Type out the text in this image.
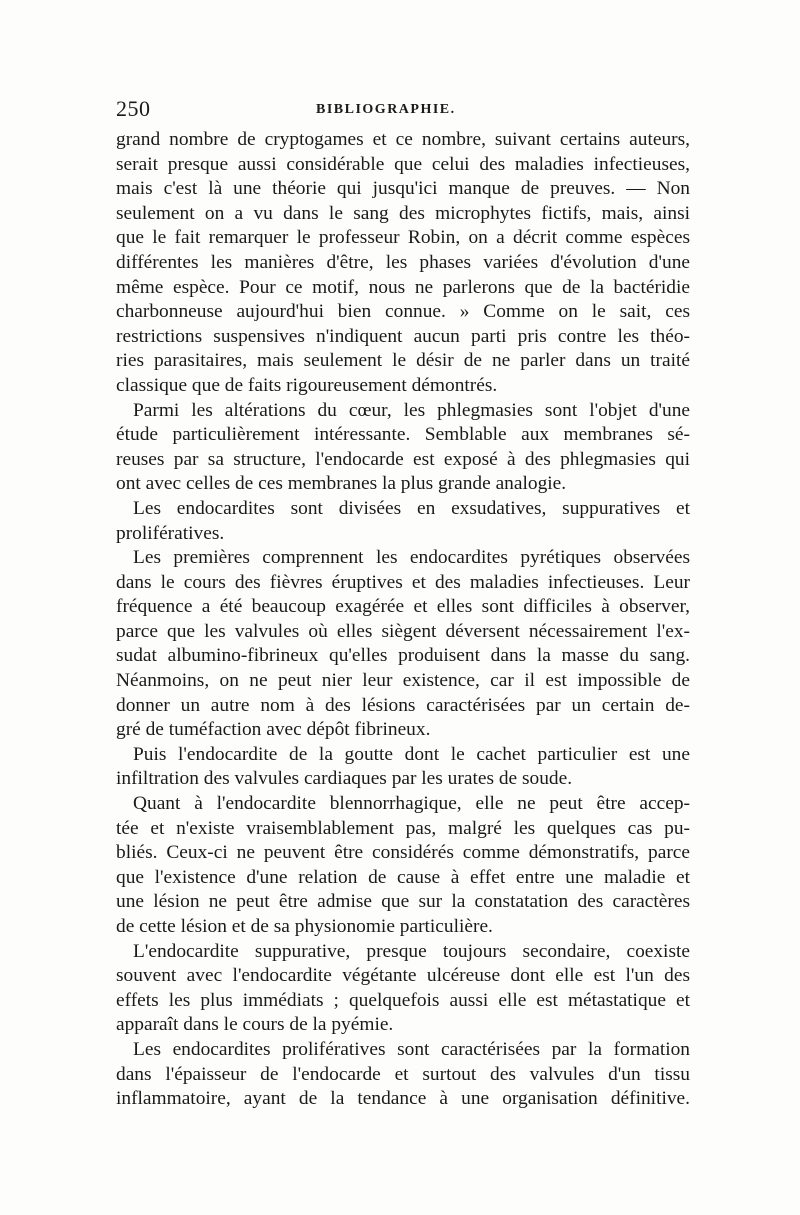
250	BIBLIOGRAPHIE.
grand nombre de cryptogames et ce nombre, suivant certains auteurs,
serait presque aussi considérable que celui des maladies infectieuses,
mais c'est là une théorie qui jusqu'ici manque de preuves. — Non
seulement on a vu dans le sang des microphytes fictifs, mais, ainsi
que le fait remarquer le professeur Robin, on a décrit comme espèces
différentes les manières d'être, les phases variées d'évolution d'une
même espèce. Pour ce motif, nous ne parlerons que de la bactéridie
charbonneuse aujourd'hui bien connue. » Comme on le sait, ces
restrictions suspensives n'indiquent aucun parti pris contre les théo-
ries parasitaires, mais seulement le désir de ne parler dans un traité
classique que de faits rigoureusement démontrés.
Parmi les altérations du cœur, les phlegmasies sont l'objet d'une
étude particulièrement intéressante. Semblable aux membranes sé-
reuses par sa structure, l'endocarde est exposé à des phlegmasies qui
ont avec celles de ces membranes la plus grande analogie.
Les endocardites sont divisées en exsudatives, suppuratives et
prolifératives.
Les premières comprennent les endocardites pyrétiques observées
dans le cours des fièvres éruptives et des maladies infectieuses. Leur
fréquence a été beaucoup exagérée et elles sont difficiles à observer,
parce que les valvules où elles siègent déversent nécessairement l'ex-
sudat albumino-fibrineux qu'elles produisent dans la masse du sang.
Néanmoins, on ne peut nier leur existence, car il est impossible de
donner un autre nom à des lésions caractérisées par un certain de-
gré de tuméfaction avec dépôt fibrineux.
Puis l'endocardite de la goutte dont le cachet particulier est une
infiltration des valvules cardiaques par les urates de soude.
Quant à l'endocardite blennorrhagique, elle ne peut être accep-
tée et n'existe vraisemblablement pas, malgré les quelques cas pu-
bliés. Ceux-ci ne peuvent être considérés comme démonstratifs, parce
que l'existence d'une relation de cause à effet entre une maladie et
une lésion ne peut être admise que sur la constatation des caractères
de cette lésion et de sa physionomie particulière.
L'endocardite suppurative, presque toujours secondaire, coexiste
souvent avec l'endocardite végétante ulcéreuse dont elle est l'un des
effets les plus immédiats ; quelquefois aussi elle est métastatique et
apparaît dans le cours de la pyémie.
Les endocardites prolifératives sont caractérisées par la formation
dans l'épaisseur de l'endocarde et surtout des valvules d'un tissu
inflammatoire, ayant de la tendance à une organisation définitive.
